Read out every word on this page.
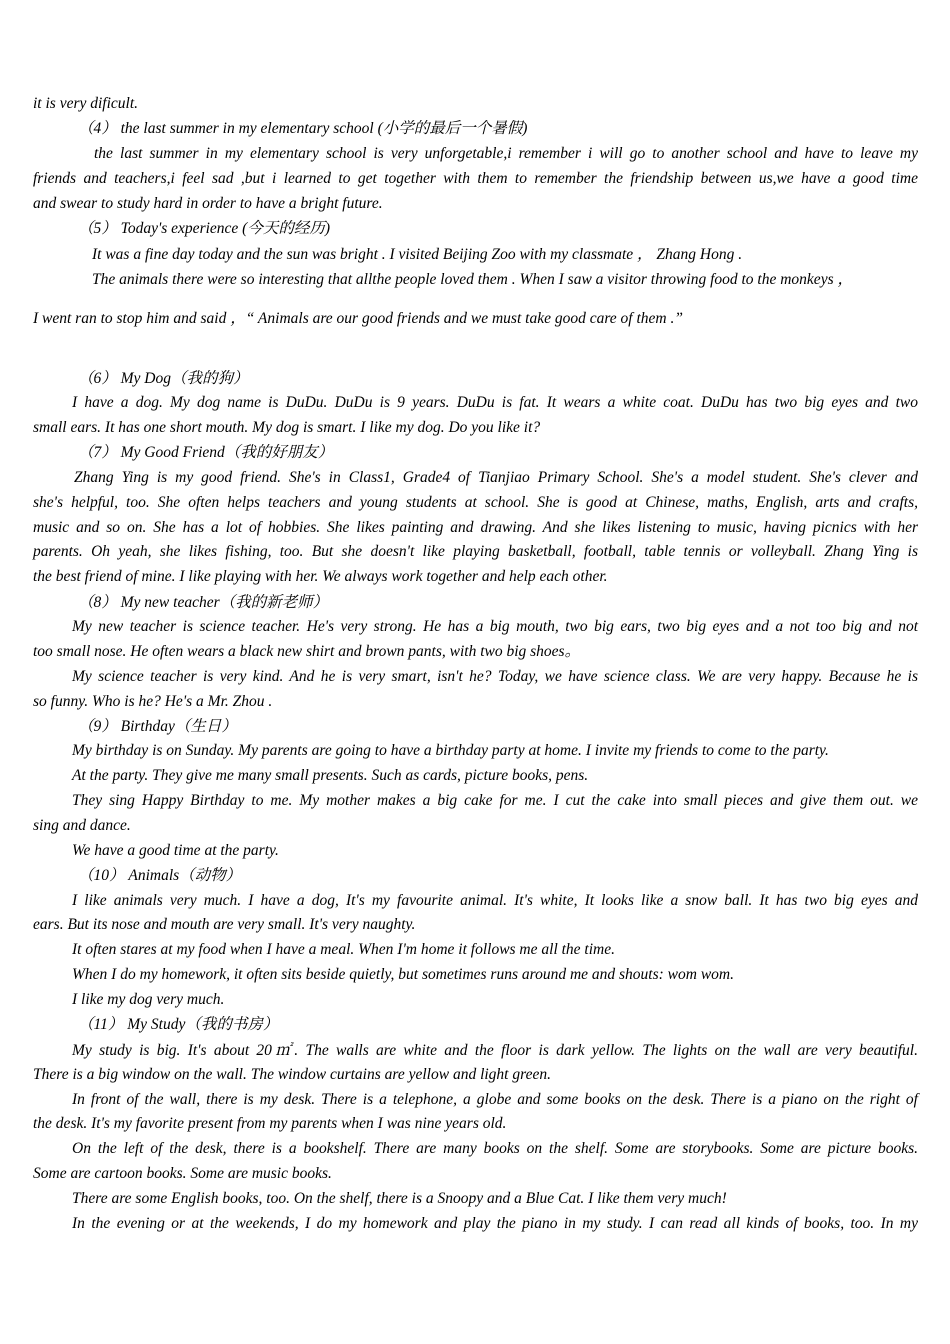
it is very dificult.
（4） the last summer in my elementary school (小学的最后一个暑假)
the last summer in my elementary school is very unforgetable,i remember i will go to another school and have to leave my
friends and teachers,i feel sad ,but i learned to get together with them to remember the friendship between us,we have a good time
and swear to study hard in order to have a bright future.
（5） Today's experience (今天的经历)
It was a fine day today and the sun was bright . I visited Beijing Zoo with my classmate ， Zhang Hong .
The animals there were so interesting that allthe people loved them . When I saw a visitor throwing food to the monkeys ，
I went ran to stop him and said ，“ Animals are our good friends and we must take good care of them .”
（6） My Dog（我的狗）
I have a dog. My dog name is DuDu. DuDu is 9 years. DuDu is fat. It wears a white coat. DuDu has two big eyes and two
small ears. It has one short mouth. My dog is smart. I like my dog. Do you like it?
（7） My Good Friend（我的好朋友）
Zhang Ying is my good friend. She's in Class1, Grade4 of Tianjiao Primary School. She's a model student. She's clever and
she's helpful, too. She often helps teachers and young students at school. She is good at Chinese, maths, English, arts and crafts,
music and so on. She has a lot of hobbies. She likes painting and drawing. And she likes listening to music, having picnics with her
parents. Oh yeah, she likes fishing, too. But she doesn't like playing basketball, football, table tennis or volleyball. Zhang Ying is
the best friend of mine. I like playing with her. We always work together and help each other.
（8） My new teacher（我的新老师）
My new teacher is science teacher. He's very strong. He has a big mouth, two big ears, two big eyes and a not too big and not
too small nose. He often wears a black new shirt and brown pants, with two big shoes。
My science teacher is very kind. And he is very smart, isn't he? Today, we have science class. We are very happy. Because he is
so funny. Who is he? He's a Mr. Zhou .
（9） Birthday（生日）
My birthday is on Sunday. My parents are going to have a birthday party at home. I invite my friends to come to the party.
At the party. They give me many small presents. Such as cards, picture books, pens.
They sing Happy Birthday to me. My mother makes a big cake for me. I cut the cake into small pieces and give them out. we
sing and dance.
We have a good time at the party.
（10） Animals（动物）
I like animals very much. I have a dog, It's my favourite animal. It's white, It looks like a snow ball. It has two big eyes and
ears. But its nose and mouth are very small. It's very naughty.
It often stares at my food when I have a meal. When I'm home it follows me all the time.
When I do my homework, it often sits beside quietly, but sometimes runs around me and shouts: wom wom.
I like my dog very much.
（11） My Study（我的书房）
My study is big. It's about 20㎡. The walls are white and the floor is dark yellow. The lights on the wall are very beautiful.
There is a big window on the wall. The window curtains are yellow and light green.
In front of the wall, there is my desk. There is a telephone, a globe and some books on the desk. There is a piano on the right of
the desk. It's my favorite present from my parents when I was nine years old.
On the left of the desk, there is a bookshelf. There are many books on the shelf. Some are storybooks. Some are picture books.
Some are cartoon books. Some are music books.
There are some English books, too. On the shelf, there is a Snoopy and a Blue Cat. I like them very much!
In the evening or at the weekends, I do my homework and play the piano in my study. I can read all kinds of books, too. In my
